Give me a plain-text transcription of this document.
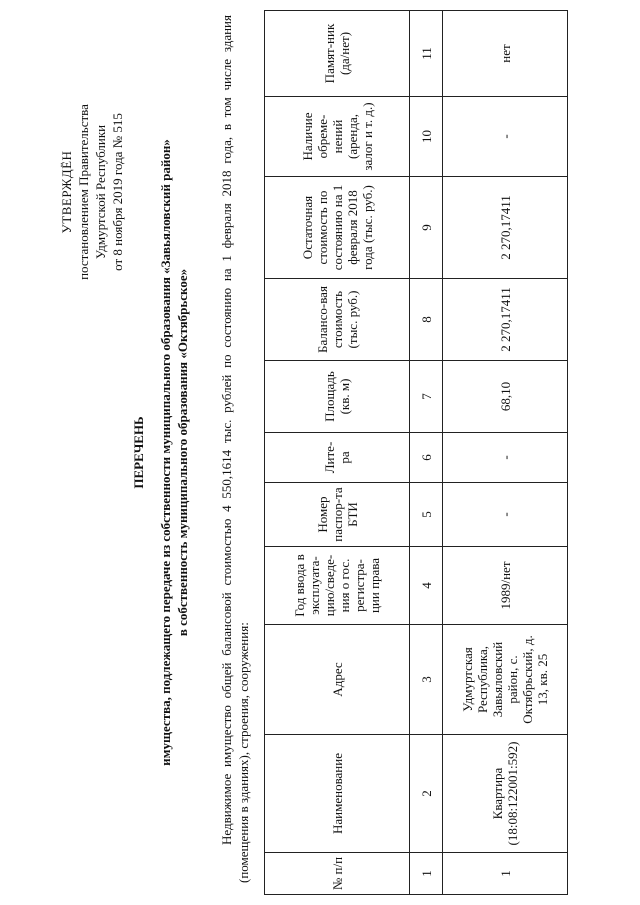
УТВЕРЖДЁН постановлением Правительства Удмуртской Республики от 8 ноября 2019 года № 515
ПЕРЕЧЕНЬ имущества, подлежащего передаче из собственности муниципального образования «Завьяловский район» в собственность муниципального образования «Октябрьское» Недвижимое имущество общей балансовой стоимостью 4 550,1614 тыс. рублей по состоянию на 1 февраля 2018 года, в том числе здания (помещения в зданиях), строения, сооружения:	№ п/п	Наименование	Адрес	Год ввода в эксплуата-цию/сведе-ния о гос. регистра-ции права	Номер паспор-та БТИ	Лите-ра	Площадь (кв. м)	Балансо-вая стоимость (тыс. руб.)	Остаточная стоимость по состоянию на 1 февраля 2018 года (тыс. руб.)	Наличие обреме-нений (аренда, залог и т. д.)	Памят-ник (да/нет)
1	2	3	4	5	6	7	8	9	10	11
1	Квартира (18:08:122001:592)	Удмуртская Республика, Завьяловский район, с. Октябрьский, д. 13, кв. 25	1989/нет	-	-	68,10	2 270,17411	2 270,17411	-	нет
